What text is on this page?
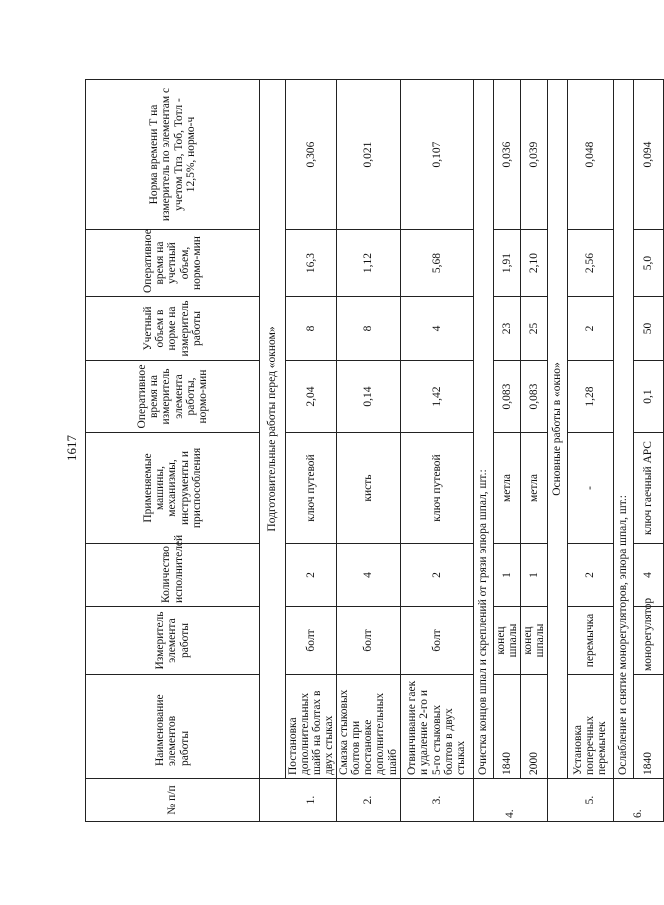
1617
№ п/п	Наименование элементов работы	Измеритель элемента работы	Количество исполнителей	Применяемые машины, механизмы, инструменты и приспособления	Оперативное время на измеритель элемента работы, нормо-мин	Учетный объем в норме на измеритель работы	Оперативное время на учетный объем, нормо-мин	Норма времени Т на измеритель по элементам с учетом Тпз, Тоб, Тотл - 12,5%, нормо-ч
	Подготовительные работы перед «окном»							
1.	Постановка дополнительных шайб на болтах в двух стыках	болт	2	ключ путевой	2,04	8	16,3	0,306
2.	Смазка стыковых болтов при постановке дополнительных шайб	болт	4	кисть	0,14	8	1,12	0,021
3.	Отвинчивание гаек и удаление 2-го и 5-го стыковых болтов в двух стыках	болт	2	ключ путевой	1,42	4	5,68	0,107
4.	Очистка концов шпал и скреплений от грязи эпюра шпал, шт.:							
	1840	конец шпалы	1	метла	0,083	23	1,91	0,036
	2000	конец шпалы	1	метла	0,083	25	2,10	0,039
	Основные работы в «окно»							
5.	Установка поперечных перемычек	перемычка	2	-	1,28	2	2,56	0,048
6.	Ослабление и снятие монорегуляторов, эпюра шпал, шт.:							
	1840	монорегулятор	4	ключ гаечный АРС	0,1	50	5,0	0,094
